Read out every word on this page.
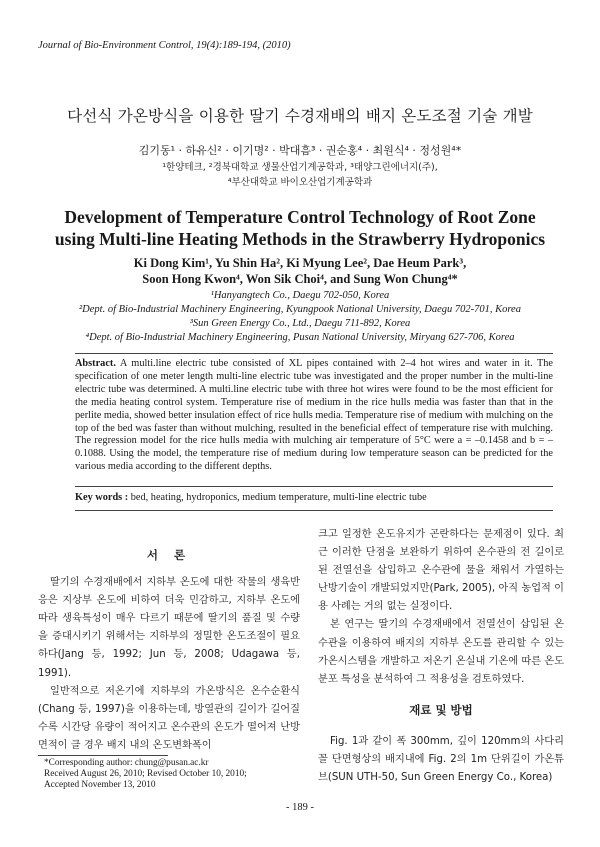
Journal of Bio-Environment Control, 19(4):189-194, (2010)
다선식 가온방식을 이용한 딸기 수경재배의 배지 온도조절 기술 개발
김기동¹ · 하유신² · 이기명² · 박대흠³ · 권순홍⁴ · 최원식⁴ · 정성원⁴*
¹한양테크, ²경북대학교 생물산업기계공학과, ³태양그린에너지(주),
⁴부산대학교 바이오산업기계공학과
Development of Temperature Control Technology of Root Zone
using Multi-line Heating Methods in the Strawberry Hydroponics
Ki Dong Kim¹, Yu Shin Ha², Ki Myung Lee², Dae Heum Park³,
Soon Hong Kwon⁴, Won Sik Choi⁴, and Sung Won Chung⁴*
¹Hanyangtech Co., Daegu 702-050, Korea
²Dept. of Bio-Industrial Machinery Engineering, Kyungpook National University, Daegu 702-701, Korea
³Sun Green Energy Co., Ltd., Daegu 711-892, Korea
⁴Dept. of Bio-Industrial Machinery Engineering, Pusan National University, Miryang 627-706, Korea
Abstract. A multi.line electric tube consisted of XL pipes contained with 2–4 hot wires and water in it. The specification of one meter length multi-line electric tube was investigated and the proper number in the multi-line electric tube was determined. A multi.line electric tube with three hot wires were found to be the most efficient for the media heating control system. Temperature rise of medium in the rice hulls media was faster than that in the perlite media, showed better insulation effect of rice hulls media. Temperature rise of medium with mulching on the top of the bed was faster than without mulching, resulted in the beneficial effect of temperature rise with mulching. The regression model for the rice hulls media with mulching air temperature of 5°C were a = –0.1458 and b = –0.1088. Using the model, the temperature rise of medium during low temperature season can be predicted for the various media according to the different depths.
Key words : bed, heating, hydroponics, medium temperature, multi-line electric tube
서 론

딸기의 수경재배에서 지하부 온도에 대한 작물의 생육반응은 지상부 온도에 비하여 더욱 민감하고, 지하부 온도에 따라 생육특성이 매우 다르기 때문에 딸기의 품질 및 수량을 증대시키기 위해서는 지하부의 정밀한 온도조절이 필요하다(Jang 등, 1992; Jun 등, 2008; Udagawa 등, 1991).

일반적으로 저온기에 지하부의 가온방식은 온수순환식(Chang 등, 1997)을 이용하는데, 방열관의 길이가 길어질수록 시간당 유량이 적어지고 온수관의 온도가 떨어져 난방면적이 클 경우 배지 내의 온도변화폭이

크고 일정한 온도유지가 곤란하다는 문제점이 있다. 최근 이러한 단점을 보완하기 위하여 온수관의 전 길이로 된 전열선을 삽입하고 온수관에 물을 채워서 가열하는 난방기술이 개발되었지만(Park, 2005), 아직 농업적 이용 사례는 거의 없는 실정이다.

본 연구는 딸기의 수경재배에서 전열선이 삽입된 온수관을 이용하여 배지의 지하부 온도를 관리할 수 있는 가온시스템을 개발하고 저온기 온실내 기온에 따른 온도분포 특성을 분석하여 그 적용성을 검토하였다.

재료 및 방법

Fig. 1과 같이 폭 300mm, 깊이 120mm의 사다리꼴 단면형상의 배지내에 Fig. 2의 1m 단위길이 가온튜브(SUN UTH-50, Sun Green Energy Co., Korea)

*Corresponding author: chung@pusan.ac.kr
Received August 26, 2010; Revised October 10, 2010;
Accepted November 13, 2010
- 189 -
